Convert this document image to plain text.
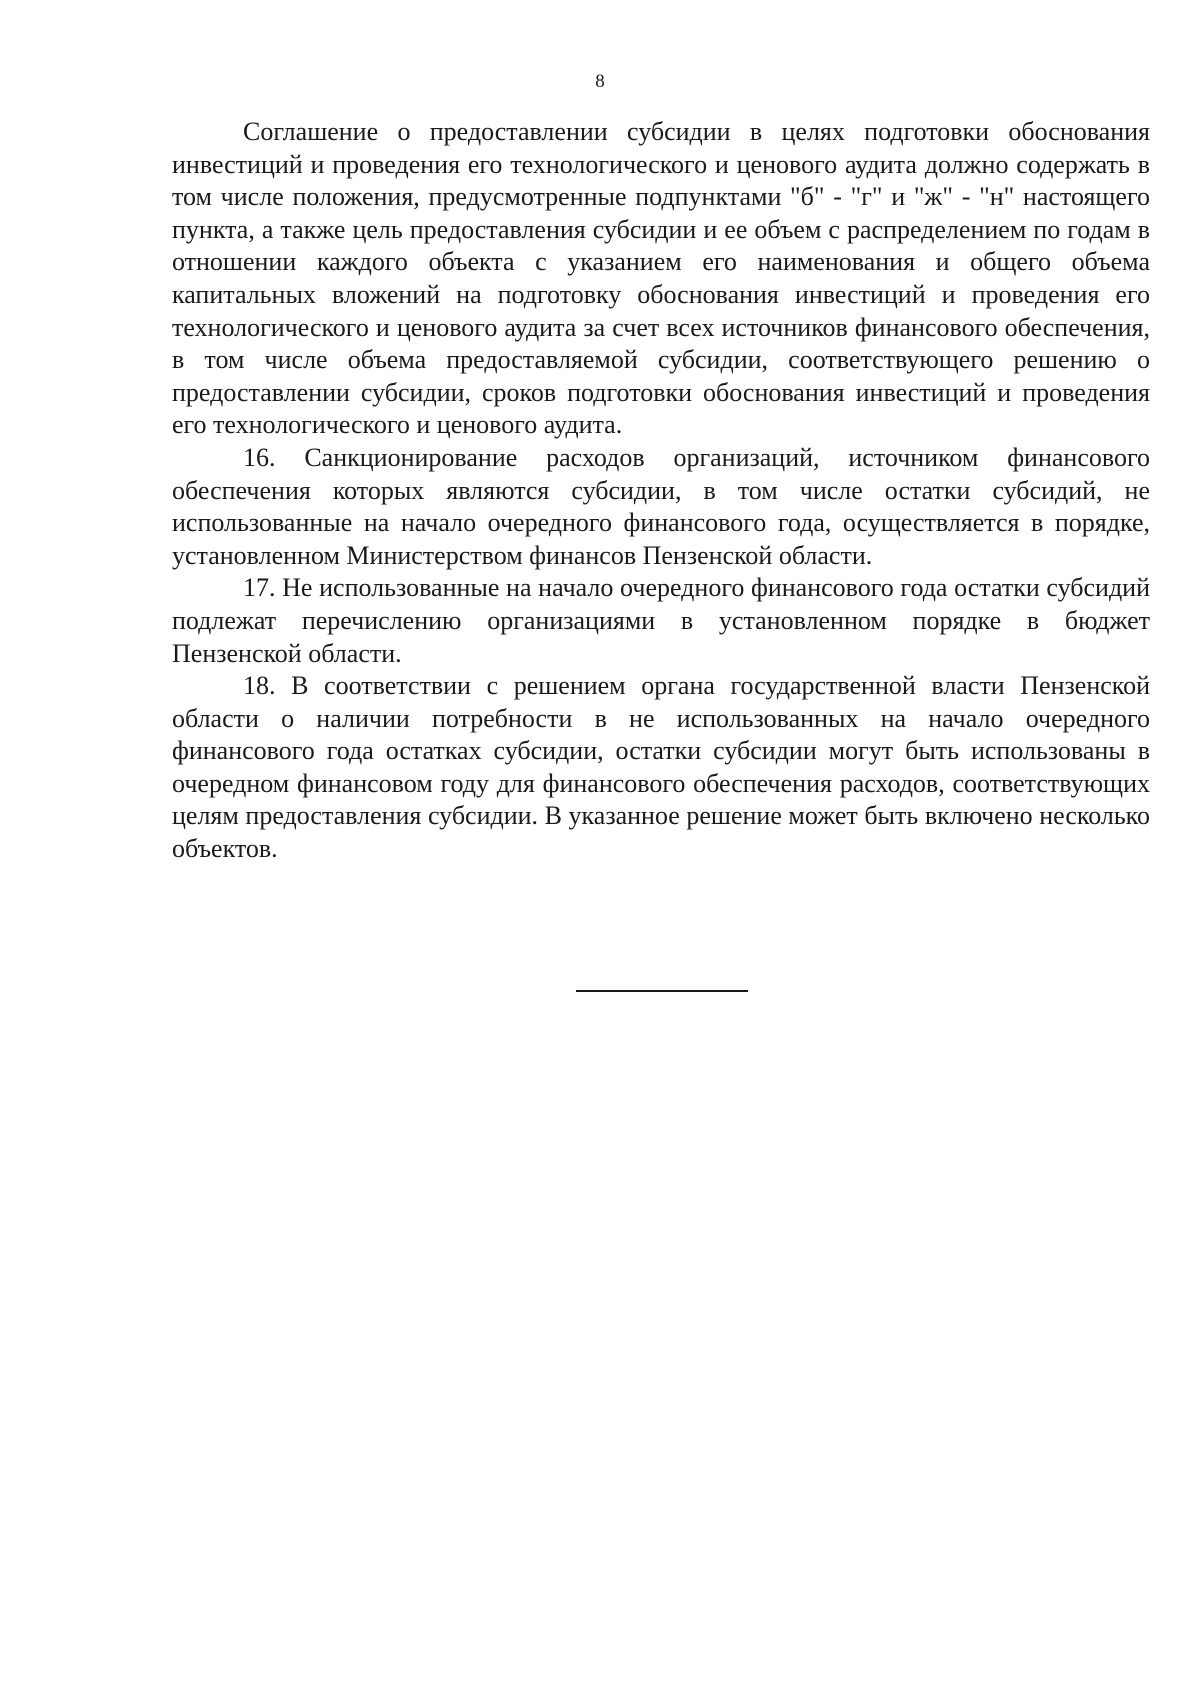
8

Соглашение о предоставлении субсидии в целях подготовки обоснования инвестиций и проведения его технологического и ценового аудита должно содержать в том числе положения, предусмотренные подпунктами "б" - "г" и "ж" - "н" настоящего пункта, а также цель предоставления субсидии и ее объем с распределением по годам в отношении каждого объекта с указанием его наименования и общего объема капитальных вложений на подготовку обоснования инвестиций и проведения его технологического и ценового аудита за счет всех источников финансового обеспечения, в том числе объема предоставляемой субсидии, соответствующего решению о предоставлении субсидии, сроков подготовки обоснования инвестиций и проведения его технологического и ценового аудита.

16. Санкционирование расходов организаций, источником финансового обеспечения которых являются субсидии, в том числе остатки субсидий, не использованные на начало очередного финансового года, осуществляется в порядке, установленном Министерством финансов Пензенской области.

17. Не использованные на начало очередного финансового года остатки субсидий подлежат перечислению организациями в установленном порядке в бюджет Пензенской области.

18. В соответствии с решением органа государственной власти Пензенской области о наличии потребности в не использованных на начало очередного финансового года остатках субсидии, остатки субсидии могут быть использованы в очередном финансовом году для финансового обеспечения расходов, соответствующих целям предоставления субсидии. В указанное решение может быть включено несколько объектов.
